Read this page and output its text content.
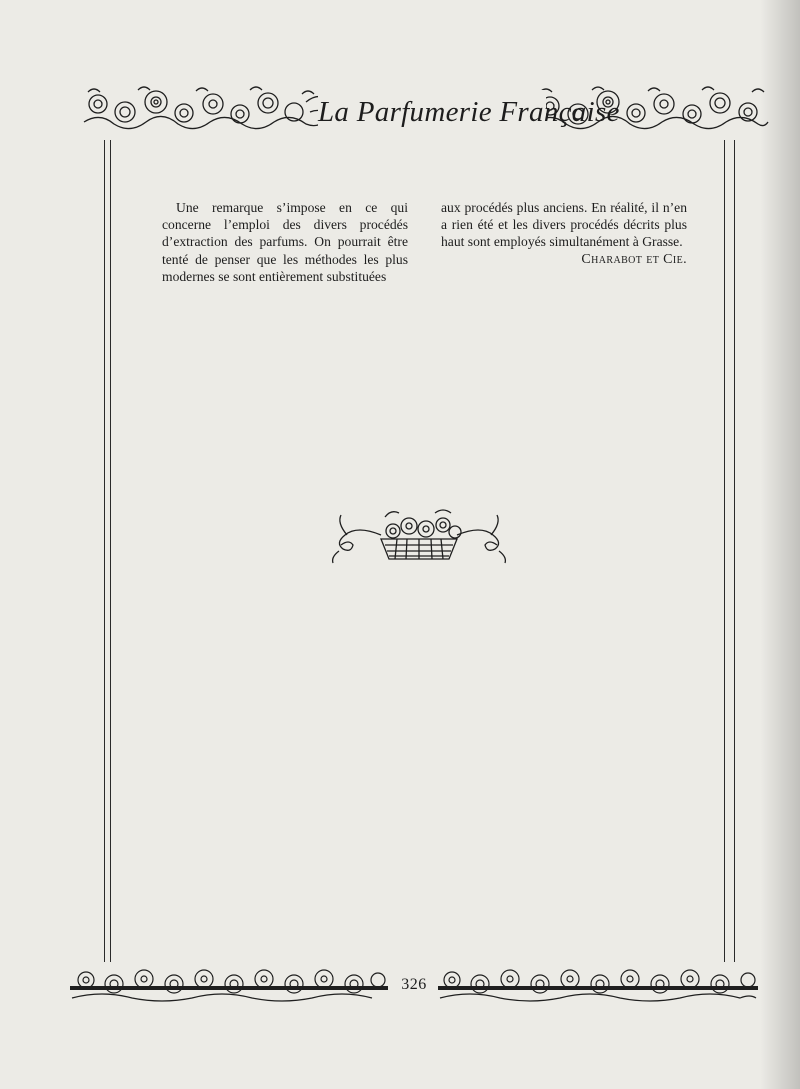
La Parfumerie Française

Une remarque s’impose en ce qui concerne l’emploi des divers procédés d’extraction des parfums. On pourrait être tenté de penser que les méthodes les plus modernes se sont entièrement substituées

aux procédés plus anciens. En réalité, il n’en a rien été et les divers procédés décrits plus haut sont employés simultanément à Grasse.

Charabot et Cie.
326
